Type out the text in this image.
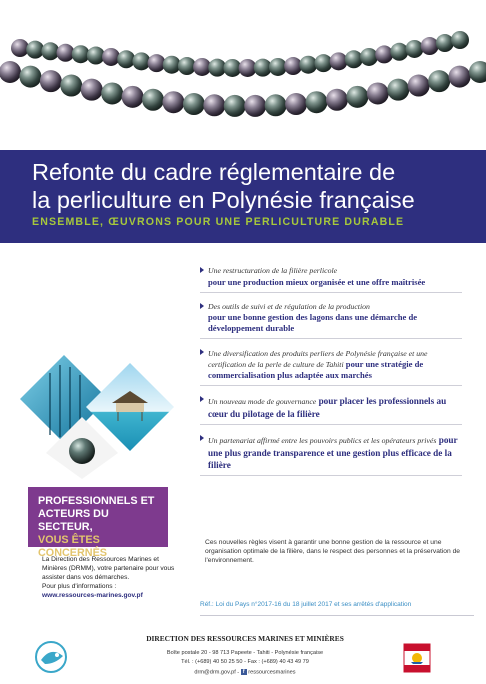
Refonte du cadre réglementaire de
la perliculture en Polynésie française
ENSEMBLE, ŒUVRONS POUR UNE PERLICULTURE DURABLE
PROFESSIONNELS ET
ACTEURS DU SECTEUR,
VOUS ÊTES CONCERNÉS
La Direction des Ressources Marines et Minières (DRMM), votre partenaire pour vous assister dans vos démarches.
Pour plus d'informations :
www.ressources-marines.gov.pf
Une restructuration de la filière perlicole
pour une production mieux organisée et une offre maîtrisée
Des outils de suivi et de régulation de la production
pour une bonne gestion des lagons dans une démarche de développement durable
Une diversification des produits perliers de Polynésie française et une certification de la perle de culture de Tahiti pour une stratégie de commercialisation plus adaptée aux marchés
Un nouveau mode de gouvernance pour placer les professionnels au cœur du pilotage de la filière
Un partenariat affirmé entre les pouvoirs publics et les opérateurs privés pour une plus grande transparence et une gestion plus efficace de la filière
Ces nouvelles règles visent à garantir une bonne gestion de la ressource et une organisation optimale de la filière, dans le respect des personnes et la préservation de l'environnement.
Réf.: Loi du Pays n°2017-16 du 18 juillet 2017 et ses arrêtés d'application
DIRECTION DES RESSOURCES MARINES ET MINIÈRES
Boîte postale 20 - 98 713 Papeete - Tahiti - Polynésie française
Tél. : (+689) 40 50 25 50 - Fax : (+689) 40 43 49 79
drm@drm.gov.pf - f ressourcesmarines
